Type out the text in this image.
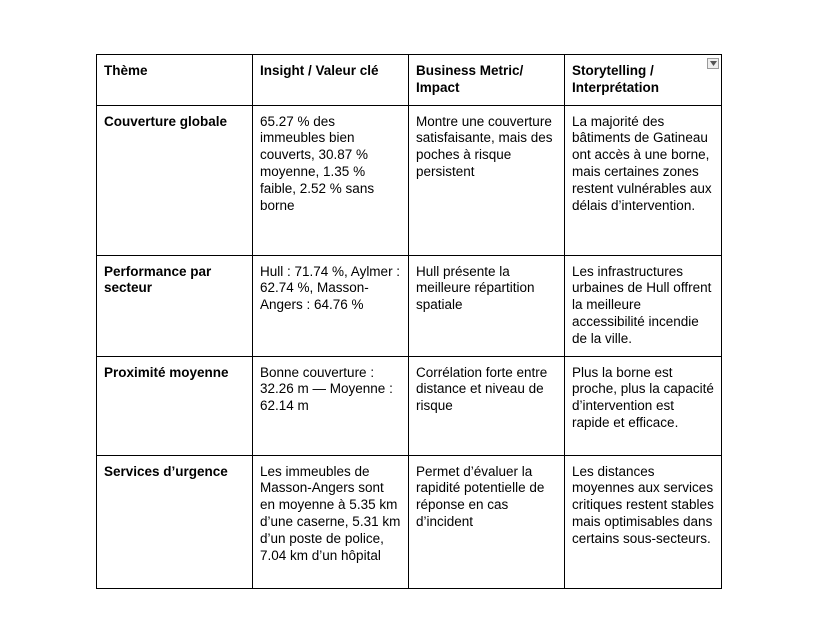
Thème	Insight / Valeur clé	Business Metric/ Impact	Storytelling / Interprétation

Couverture globale	65.27 % des immeubles bien couverts, 30.87 % moyenne, 1.35 % faible, 2.52 % sans borne	Montre une couverture satisfaisante, mais des poches à risque persistent	La majorité des bâtiments de Gatineau ont accès à une borne, mais certaines zones restent vulnérables aux délais d’intervention.
Performance par secteur	Hull : 71.74 %, Aylmer : 62.74 %, Masson-Angers : 64.76 %	Hull présente la meilleure répartition spatiale	Les infrastructures urbaines de Hull offrent la meilleure accessibilité incendie de la ville.
Proximité moyenne	Bonne couverture : 32.26 m — Moyenne : 62.14 m	Corrélation forte entre distance et niveau de risque	Plus la borne est proche, plus la capacité d’intervention est rapide et efficace.
Services d’urgence	Les immeubles de Masson-Angers sont en moyenne à 5.35 km d’une caserne, 5.31 km d’un poste de police, 7.04 km d’un hôpital	Permet d’évaluer la rapidité potentielle de réponse en cas d’incident	Les distances moyennes aux services critiques restent stables mais optimisables dans certains sous-secteurs.
